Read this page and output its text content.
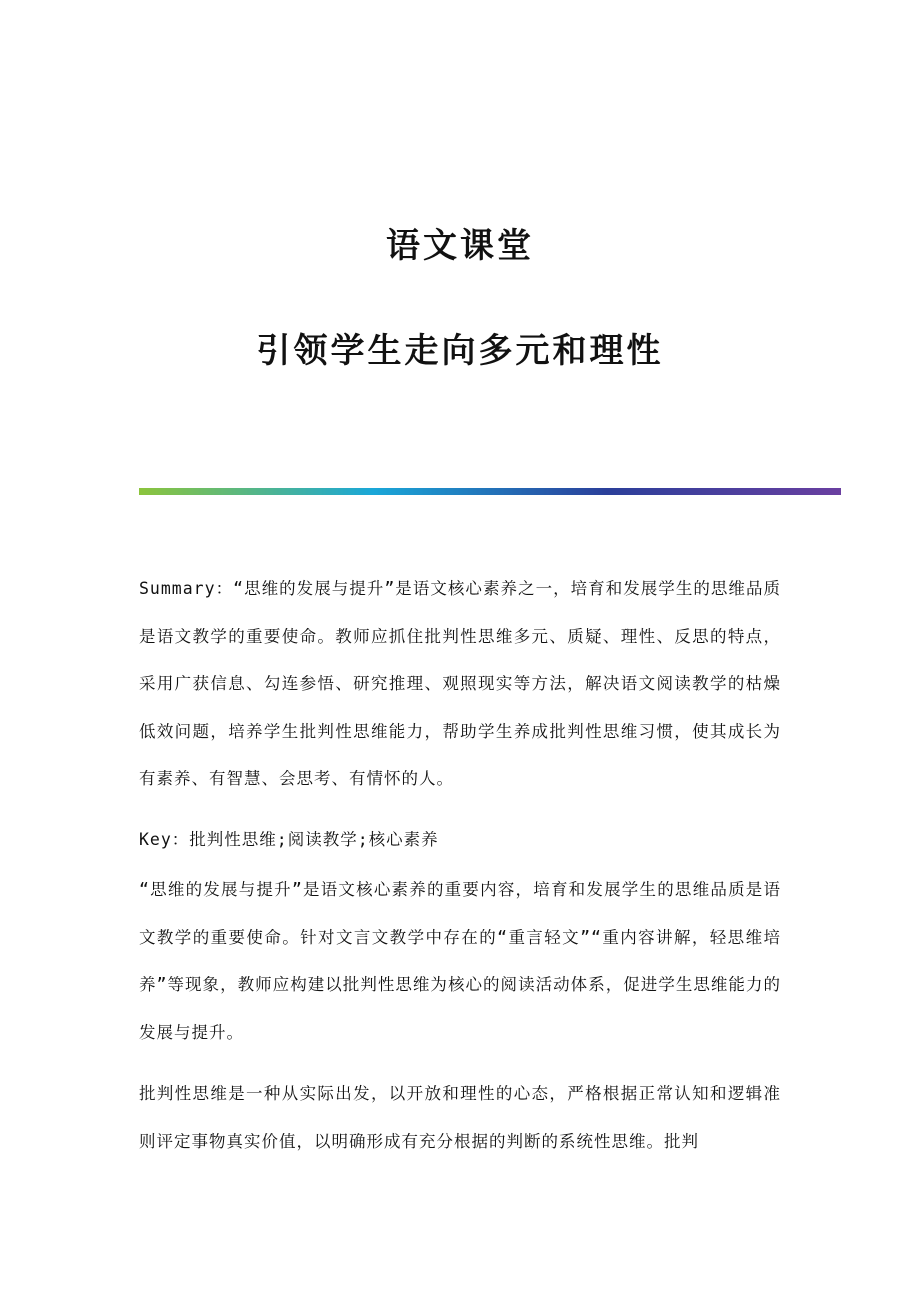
语文课堂
引领学生走向多元和理性

Summary：“思维的发展与提升”是语文核心素养之一，培育和发展学生的思维品质是语文教学的重要使命。教师应抓住批判性思维多元、质疑、理性、反思的特点，采用广获信息、勾连参悟、研究推理、观照现实等方法，解决语文阅读教学的枯燥低效问题，培养学生批判性思维能力，帮助学生养成批判性思维习惯，使其成长为有素养、有智慧、会思考、有情怀的人。

Key：批判性思维;阅读教学;核心素养

“思维的发展与提升”是语文核心素养的重要内容，培育和发展学生的思维品质是语文教学的重要使命。针对文言文教学中存在的“重言轻文”“重内容讲解，轻思维培养”等现象，教师应构建以批判性思维为核心的阅读活动体系，促进学生思维能力的发展与提升。

批判性思维是一种从实际出发，以开放和理性的心态，严格根据正常认知和逻辑准则评定事物真实价值，以明确形成有充分根据的判断的系统性思维。批判
